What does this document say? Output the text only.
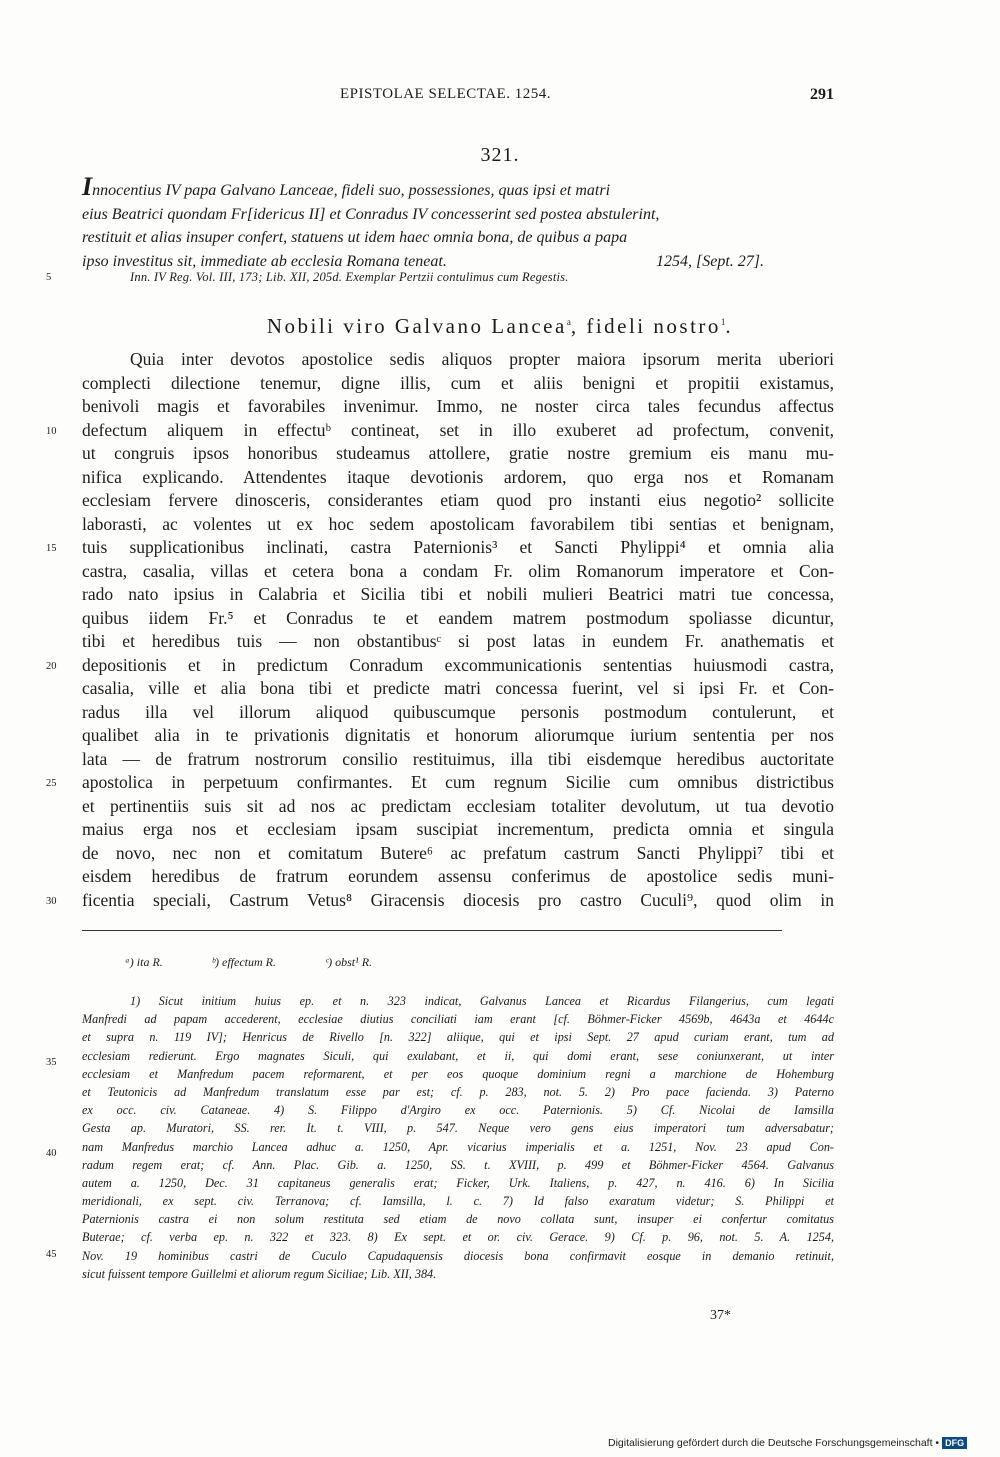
EPISTOLAE SELECTAE. 1254.	291
321.
Innocentius IV papa Galvano Lanceae, fideli suo, possessiones, quas ipsi et matri
eius Beatrici quondam Fr[idericus II] et Conradus IV concesserint sed postea abstulerint,
restituit et alias insuper confert, statuens ut idem haec omnia bona, de quibus a papa
ipso investitus sit, immediate ab ecclesia Romana teneat.	1254, [Sept. 27].
5	Inn. IV Reg. Vol. III, 173; Lib. XII, 205d. Exemplar Pertzii contulimus cum Regestis.
Nobili viro Galvano Lancea$^a$, fideli nostro$^1$.
10
15
20
25
30
Quia inter devotos apostolice sedis aliquos propter maiora ipsorum merita uberiori
compleсti dilectione tenemur, digne illis, cum et aliis benigni et propitii existamus,
benivoli magis et favorabiles invenimur. Immo, ne noster circa tales fecundus affectus
defectum aliquem in effectuᵇ contineat, set in illo exuberet ad profectum, convenit,
ut congruis ipsos honoribus studeamus attollere, gratie nostre gremium eis manu mu-
nifica explicando. Attendentes itaque devotionis ardorem, quo erga nos et Romanam
ecclesiam fervere dinosceris, considerantes etiam quod pro instanti eius negotio² sollicite
laborasti, ac volentes ut ex hoc sedem apostolicam favorabilem tibi sentias et benignam,
tuis supplicationibus inclinati, castra Paternionis³ et Sancti Phylippi⁴ et omnia alia
castra, casalia, villas et cetera bona a condam Fr. olim Romanorum imperatore et Con-
rado nato ipsius in Calabria et Sicilia tibi et nobili mulieri Beatrici matri tue concessa,
quibus iidem Fr.⁵ et Conradus te et eandem matrem postmodum spoliasse dicuntur,
tibi et heredibus tuis — non obstantibusᶜ si post latas in eundem Fr. anathematis et
depositionis et in predictum Conradum excommunicationis sententias huiusmodi castra,
casalia, ville et alia bona tibi et predicte matri concessa fuerint, vel si ipsi Fr. et Con-
radus illa vel illorum aliquod quibuscumque personis postmodum contulerunt, et
qualibet alia in te privationis dignitatis et honorum aliorumque iurium sententia per nos
lata — de fratrum nostrorum consilio restituimus, illa tibi eisdemque heredibus auctoritate
apostolica in perpetuum confirmantes. Et cum regnum Sicilie cum omnibus districtibus
et pertinentiis suis sit ad nos ac predictam ecclesiam totaliter devolutum, ut tua devotio
maius erga nos et ecclesiam ipsam suscipiat incrementum, predicta omnia et singula
de novo, nec non et comitatum Butere⁶ ac prefatum castrum Sancti Phylippi⁷ tibi et
eisdem heredibus de fratrum eorundem assensu conferimus de apostolice sedis muni-
ficentia speciali, Castrum Vetus⁸ Giracensis diocesis pro castro Cuculi⁹, quod olim in
ᵃ) ita R.	ᵇ) effectum R.	ᶜ) obst¹ R.
35
40
45
1) Sicut initium huius ep. et n. 323 indicat, Galvanus Lancea et Ricardus Filangerius, cum legati
Manfredi ad papam accederent, ecclesiae diutius conciliati iam erant [cf. Böhmer-Ficker 4569b, 4643a et 4644c
et supra n. 119 IV]; Henricus de Rivello [n. 322] aliique, qui et ipsi Sept. 27 apud curiam erant, tum ad
ecclesiam redierunt. Ergo magnates Siculi, qui exulabant, et ii, qui domi erant, sese coniunxerant, ut inter
ecclesiam et Manfredum pacem reformarent, et per eos quoque dominium regni a marchione de Hohemburg
et Teutonicis ad Manfredum translatum esse par est; cf. p. 283, not. 5. 2) Pro pace facienda. 3) Paterno
ex occ. civ. Cataneae. 4) S. Filippo d'Argiro ex occ. Paternionis. 5) Cf. Nicolai de Iamsilla
Gesta ap. Muratori, SS. rer. It. t. VIII, p. 547. Neque vero gens eius imperatori tum adversabatur;
nam Manfredus marchio Lancea adhuc a. 1250, Apr. vicarius imperialis et a. 1251, Nov. 23 apud Con-
radum regem erat; cf. Ann. Plac. Gib. a. 1250, SS. t. XVIII, p. 499 et Böhmer-Ficker 4564. Galvanus
autem a. 1250, Dec. 31 capitaneus generalis erat; Ficker, Urk. Italiens, p. 427, n. 416. 6) In Sicilia
meridionali, ex sept. civ. Terranova; cf. Iamsilla, l. c. 7) Id falso exaratum videtur; S. Philippi et
Paternionis castra ei non solum restituta sed etiam de novo collata sunt, insuper ei confertur comitatus
Buterae; cf. verba ep. n. 322 et 323. 8) Ex sept. et or. civ. Gerace. 9) Cf. p. 96, not. 5. A. 1254,
Nov. 19 hominibus castri de Cuculo Capudaquensis diocesis bona confirmavit eosque in demanio retinuit,
sicut fuissent tempore Guillelmi et aliorum regum Siciliae; Lib. XII, 384.
37*
Digitalisierung gefördert durch die Deutsche Forschungsgemeinschaft • DFG
